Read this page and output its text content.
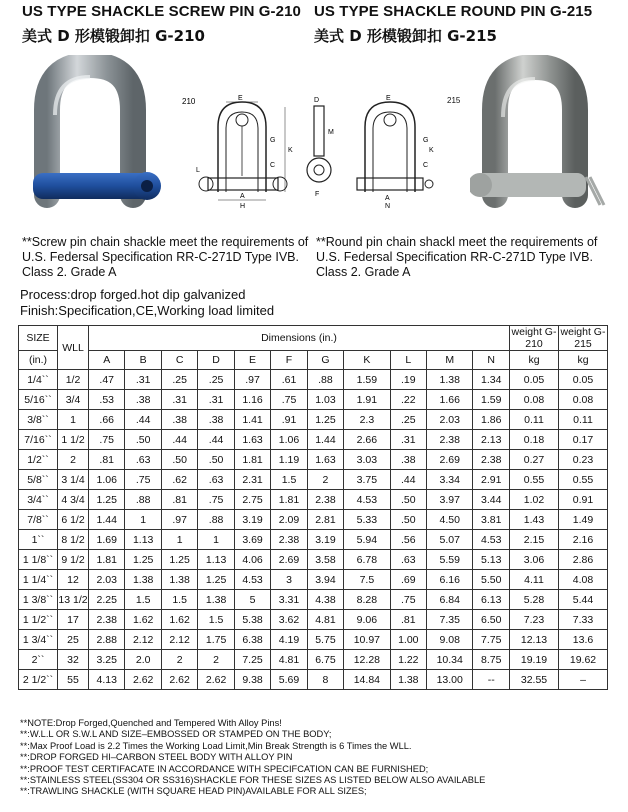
US TYPE SHACKLE SCREW PIN G-210 US TYPE SHACKLE ROUND PIN G-215
美式 D 形模锻卸扣 G-210	美式 D 形模锻卸扣 G-215
210	E
K
G
C
L
A
H
D
F
M
E
G
K
C
A
N
215
**Screw pin chain shackle meet the requirements of U.S. Federsal Specification RR-C-271D Type IVB. Class 2. Grade A
**Round pin chain shackl meet the requirements of U.S. Federsal Specification RR-C-271D Type IVB. Class 2. Grade A
Process:drop forged.hot dip galvanized
Finish:Specification,CE,Working load limited
SIZE	WLL	Dimensions (in.)											weight G-210	weight G-215
(in.)		A	B	C	D	E	F	G	K	L	M	N	kg	kg
1/4``	1/2	.47	.31	.25	.25	.97	.61	.88	1.59	.19	1.38	1.34	0.05	0.05
5/16``	3/4	.53	.38	.31	.31	1.16	.75	1.03	1.91	.22	1.66	1.59	0.08	0.08
3/8``	1	.66	.44	.38	.38	1.41	.91	1.25	2.3	.25	2.03	1.86	0.11	0.11
7/16``	1 1/2	.75	.50	.44	.44	1.63	1.06	1.44	2.66	.31	2.38	2.13	0.18	0.17
1/2``	2	.81	.63	.50	.50	1.81	1.19	1.63	3.03	.38	2.69	2.38	0.27	0.23
5/8``	3 1/4	1.06	.75	.62	.63	2.31	1.5	2	3.75	.44	3.34	2.91	0.55	0.55
3/4``	4 3/4	1.25	.88	.81	.75	2.75	1.81	2.38	4.53	.50	3.97	3.44	1.02	0.91
7/8``	6 1/2	1.44	1	.97	.88	3.19	2.09	2.81	5.33	.50	4.50	3.81	1.43	1.49
1``	8 1/2	1.69	1.13	1	1	3.69	2.38	3.19	5.94	.56	5.07	4.53	2.15	2.16
1 1/8``	9 1/2	1.81	1.25	1.25	1.13	4.06	2.69	3.58	6.78	.63	5.59	5.13	3.06	2.86
1 1/4``	12	2.03	1.38	1.38	1.25	4.53	3	3.94	7.5	.69	6.16	5.50	4.11	4.08
1 3/8``	13 1/2	2.25	1.5	1.5	1.38	5	3.31	4.38	8.28	.75	6.84	6.13	5.28	5.44
1 1/2``	17	2.38	1.62	1.62	1.5	5.38	3.62	4.81	9.06	.81	7.35	6.50	7.23	7.33
1 3/4``	25	2.88	2.12	2.12	1.75	6.38	4.19	5.75	10.97	1.00	9.08	7.75	12.13	13.6
2``	32	3.25	2.0	2	2	7.25	4.81	6.75	12.28	1.22	10.34	8.75	19.19	19.62
2 1/2``	55	4.13	2.62	2.62	2.62	9.38	5.69	8	14.84	1.38	13.00	--	32.55	–
**NOTE:Drop Forged,Quenched and Tempered With Alloy Pins!
**:W.L.L OR S.W.L AND SIZE–EMBOSSED OR STAMPED ON THE BODY;
**:Max Proof Load is 2.2 Times the Working Load Limit,Min Break Strength is 6 Times the WLL.
**:DROP FORGED HI–CARBON STEEL BODY WITH ALLOY PIN
**:PROOF TEST CERTIFACATE IN ACCORDANCE WITH SPECIFCATION CAN BE FURNISHED;
**:STAINLESS STEEL(SS304 OR SS316)SHACKLE FOR THESE SIZES AS LISTED BELOW ALSO AVAILABLE
**:TRAWLING SHACKLE (WITH SQUARE HEAD PIN)AVAILABLE FOR ALL SIZES;
